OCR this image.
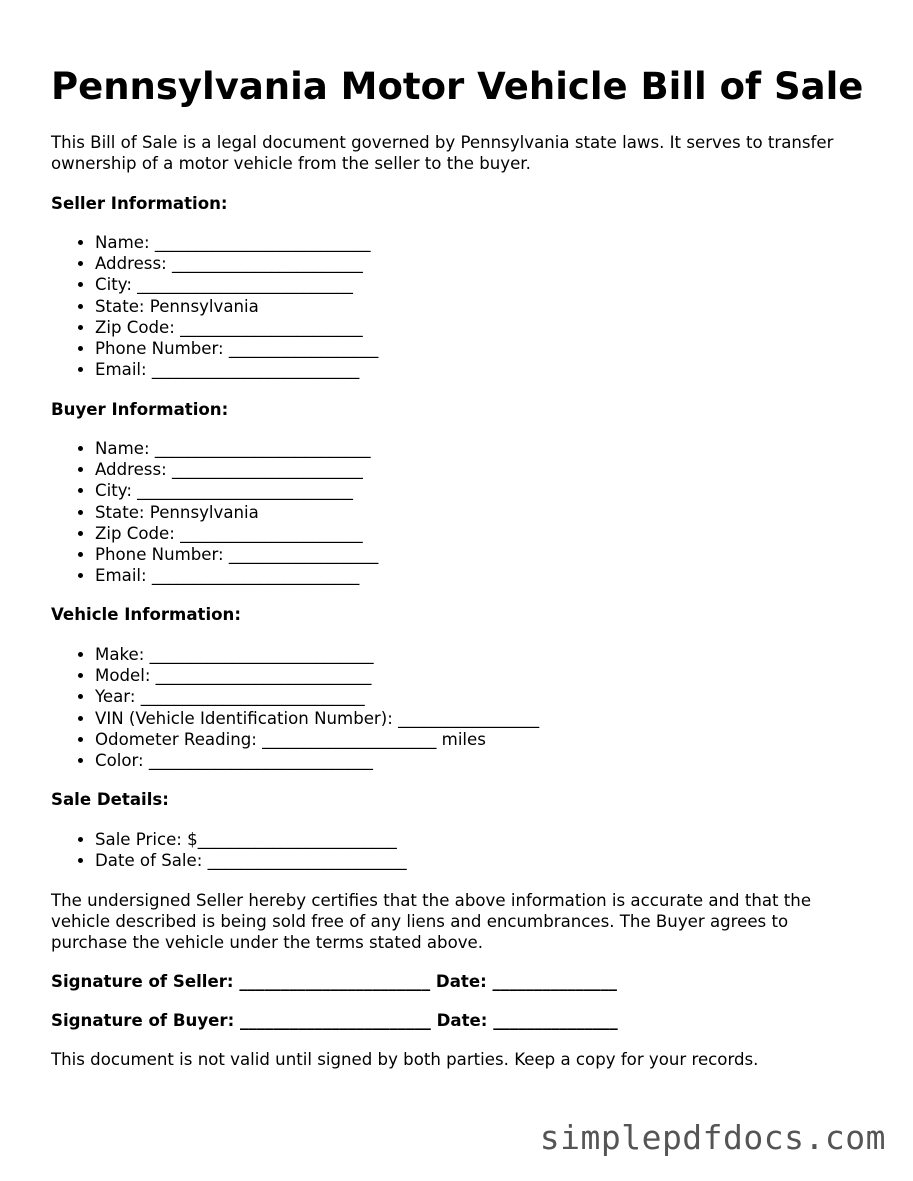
Pennsylvania Motor Vehicle Bill of Sale

This Bill of Sale is a legal document governed by Pennsylvania state laws. It serves to transfer ownership of a motor vehicle from the seller to the buyer.

Seller Information:
• Name: __________________________
• Address: _______________________
• City: __________________________
• State: Pennsylvania
• Zip Code: ______________________
• Phone Number: __________________
• Email: _________________________
Buyer Information:
• Name: __________________________
• Address: _______________________
• City: __________________________
• State: Pennsylvania
• Zip Code: ______________________
• Phone Number: __________________
• Email: _________________________
Vehicle Information:
• Make: ___________________________
• Model: __________________________
• Year: ___________________________
• VIN (Vehicle Identification Number): _________________
• Odometer Reading: _____________________ miles
• Color: ___________________________
Sale Details:
• Sale Price: $________________________
• Date of Sale: ________________________

The undersigned Seller hereby certifies that the above information is accurate and that the vehicle described is being sold free of any liens and encumbrances. The Buyer agrees to purchase the vehicle under the terms stated above.

Signature of Seller: _______________________ Date: _______________
Signature of Buyer: _______________________ Date: _______________

This document is not valid until signed by both parties. Keep a copy for your records.

simplepdfdocs.com
